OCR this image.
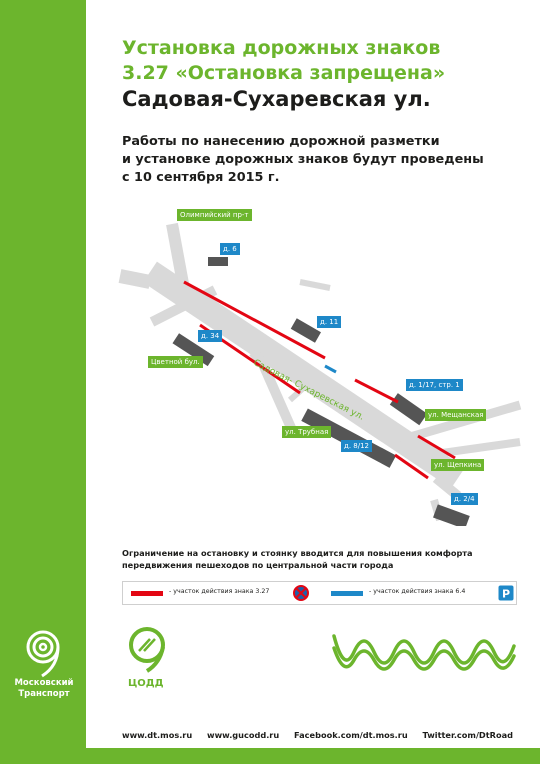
Московский
Транспорт
Установка дорожных знаков
3.27 «Остановка запрещена»
Садовая-Сухаревская ул.
Работы по нанесению дорожной разметки
и установке дорожных знаков будут проведены
с 10 сентября 2015 г.
Олимпийский пр-т
д. 6
д. 11
д. 34
Цветной бул.	Садовая- Сухаревская ул.	д. 1/17, стр. 1
ул. Мещанская
ул. Трубная
д. 8/12
ул. Щепкина
д. 2/4
Ограничение на остановку и стоянку вводится для повышения комфорта
передвижения пешеходов по центральной части города
- участок действия знака 3.27	- участок действия знака 6.4	P
ЦОДД
www.dt.mos.ru www.gucodd.ru Facebook.com/dt.mos.ru Twitter.com/DtRoad
